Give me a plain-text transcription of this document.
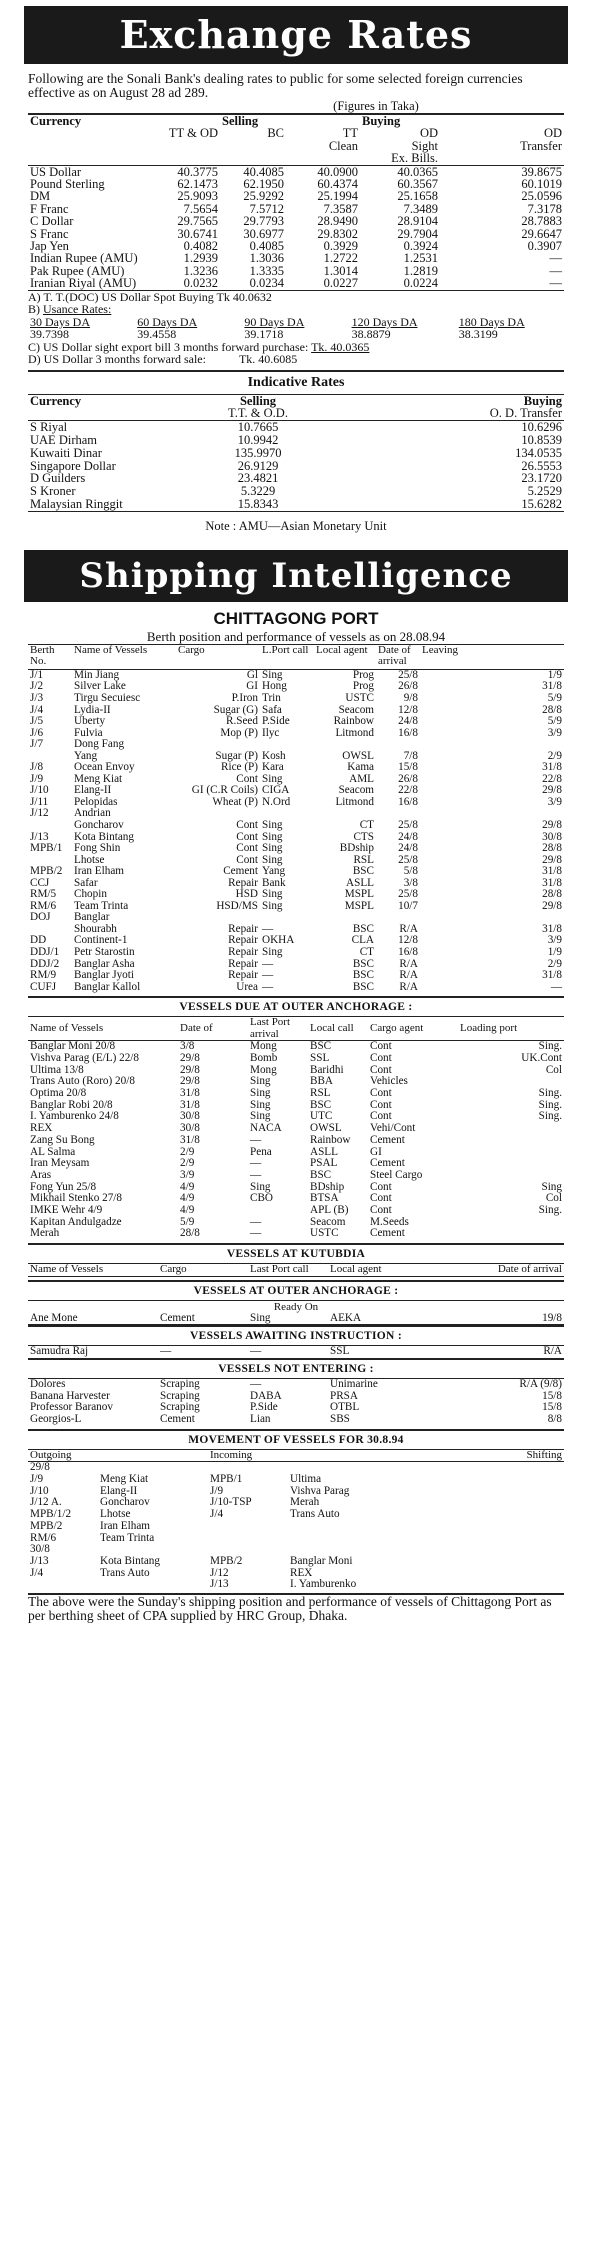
Exchange Rates
Following are the Sonali Bank's dealing rates to public for some selected foreign currencies effective as on August 28 ad 289.
(Figures in Taka)
Currency		Selling		Buying	
	TT & OD	BC	TT	OD	OD
			Clean	Sight	Transfer
				Ex. Bills.	
US Dollar	40.3775	40.4085	40.0900	40.0365	39.8675
Pound Sterling	62.1473	62.1950	60.4374	60.3567	60.1019
DM	25.9093	25.9292	25.1994	25.1658	25.0596
F Franc	7.5654	7.5712	7.3587	7.3489	7.3178
C Dollar	29.7565	29.7793	28.9490	28.9104	28.7883
S Franc	30.6741	30.6977	29.8302	29.7904	29.6647
Jap Yen	0.4082	0.4085	0.3929	0.3924	0.3907
Indian Rupee (AMU)	1.2939	1.3036	1.2722	1.2531	—
Pak Rupee (AMU)	1.3236	1.3335	1.3014	1.2819	—
Iranian Riyal (AMU)	0.0232	0.0234	0.0227	0.0224	—
A) T. T.(DOC) US Dollar Spot Buying Tk 40.0632
B) Usance Rates:
30 Days DA	60 Days DA	90 Days DA	120 Days DA	180 Days DA
39.7398	39.4558	39.1718	38.8879	38.3199
C) US Dollar sight export bill 3 months forward purchase: Tk. 40.0365
D) US Dollar 3 months forward sale:	Tk. 40.6085
Indicative Rates
Currency	Selling	Buying
	T.T. & O.D.	O. D. Transfer
S Riyal	10.7665	10.6296
UAE Dirham	10.9942	10.8539
Kuwaiti Dinar	135.9970	134.0535
Singapore Dollar	26.9129	26.5553
D Guilders	23.4821	23.1720
S Kroner	5.3229	5.2529
Malaysian Ringgit	15.8343	15.6282
Note : AMU—Asian Monetary Unit
Shipping Intelligence
CHITTAGONG PORT
Berth position and performance of vessels as on 28.08.94
Berth No.	Name of Vessels	Cargo	L.Port call	Local agent	Date of arrival	Leaving
J/1	Min Jiang	Gl	Sing	Prog	25/8	1/9
J/2	Silver Lake	GI	Hong	Prog	26/8	31/8
J/3	Tirgu Secuiesc	P.Iron	Trin	USTC	9/8	5/9
J/4	Lydia-II	Sugar (G)	Safa	Seacom	12/8	28/8
J/5	Uberty	R.Seed	P.Side	Rainbow	24/8	5/9
J/6	Fulvia	Mop (P)	Ilyc	Litmond	16/8	3/9
J/7	Dong Fang					
	Yang	Sugar (P)	Kosh	OWSL	7/8	2/9
J/8	Ocean Envoy	Rice (P)	Kara	Kama	15/8	31/8
J/9	Meng Kiat	Cont	Sing	AML	26/8	22/8
J/10	Elang-II	GI (C.R Coils)	CIGA	Seacom	22/8	29/8
J/11	Pelopidas	Wheat (P)	N.Ord	Litmond	16/8	3/9
J/12	Andrian					
	Goncharov	Cont	Sing	CT	25/8	29/8
J/13	Kota Bintang	Cont	Sing	CTS	24/8	30/8
MPB/1	Fong Shin	Cont	Sing	BDship	24/8	28/8
	Lhotse	Cont	Sing	RSL	25/8	29/8
MPB/2	Iran Elham	Cement	Yang	BSC	5/8	31/8
CCJ	Safar	Repair	Bank	ASLL	3/8	31/8
RM/5	Chopin	HSD	Sing	MSPL	25/8	28/8
RM/6	Team Trinta	HSD/MS	Sing	MSPL	10/7	29/8
DOJ	Banglar					
	Shourabh	Repair	—	BSC	R/A	31/8
DD	Continent-1	Repair	OKHA	CLA	12/8	3/9
DDJ/1	Petr Starostin	Repair	Sing	CT	16/8	1/9
DDJ/2	Banglar Asha	Repair	—	BSC	R/A	2/9
RM/9	Banglar Jyoti	Repair	—	BSC	R/A	31/8
CUFJ	Banglar Kallol	Urea	—	BSC	R/A	—
VESSELS DUE AT OUTER ANCHORAGE :
Name of Vessels	Date of	Last Port arrival	Local call	Cargo agent	Loading port
Banglar Moni 20/8	3/8	Mong	BSC	Cont	Sing.
Vishva Parag (E/L) 22/8	29/8	Bomb	SSL	Cont	UK.Cont
Ultima 13/8	29/8	Mong	Baridhi	Cont	Col
Trans Auto (Roro) 20/8	29/8	Sing	BBA	Vehicles	
Optima 20/8	31/8	Sing	RSL	Cont	Sing.
Banglar Robi 20/8	31/8	Sing	BSC	Cont	Sing.
I. Yamburenko 24/8	30/8	Sing	UTC	Cont	Sing.
REX	30/8	NACA	OWSL	Vehi/Cont	
Zang Su Bong	31/8	—	Rainbow	Cement	
AL Salma	2/9	Pena	ASLL	GI	
Iran Meysam	2/9	—	PSAL	Cement	
Aras	3/9	—	BSC	Steel Cargo	
Fong Yun 25/8	4/9	Sing	BDship	Cont	Sing
Mikhail Stenko 27/8	4/9	CBO	BTSA	Cont	Col
IMKE Wehr 4/9	4/9		APL (B)	Cont	Sing.
Kapitan Andulgadze	5/9	—	Seacom	M.Seeds	
Merah	28/8	—	USTC	Cement	
VESSELS AT KUTUBDIA
Name of Vessels	Cargo	Last Port call	Local agent	Date of arrival
VESSELS AT OUTER ANCHORAGE :
Ready On
Ane Mone	Cement	Sing	AEKA	19/8
VESSELS AWAITING INSTRUCTION :
Samudra Raj	—	—	SSL	R/A
VESSELS NOT ENTERING :
Dolores	Scraping	—	Unimarine	R/A (9/8)
Banana Harvester	Scraping	DABA	PRSA	15/8
Professor Baranov	Scraping	P.Side	OTBL	15/8
Georgios-L	Cement	Lian	SBS	8/8
MOVEMENT OF VESSELS FOR 30.8.94
Outgoing		Incoming		Shifting
29/8				
J/9	Meng Kiat	MPB/1	Ultima	
J/10	Elang-II	J/9	Vishva Parag	
J/12 A.	Goncharov	J/10-TSP	Merah	
MPB/1/2	Lhotse	J/4	Trans Auto	
MPB/2	Iran Elham			
RM/6	Team Trinta			
30/8				
J/13	Kota Bintang	MPB/2	Banglar Moni	
J/4	Trans Auto	J/12	REX	
		J/13	I. Yamburenko	
The above were the Sunday's shipping position and performance of vessels of Chittagong Port as per berthing sheet of CPA supplied by HRC Group, Dhaka.
